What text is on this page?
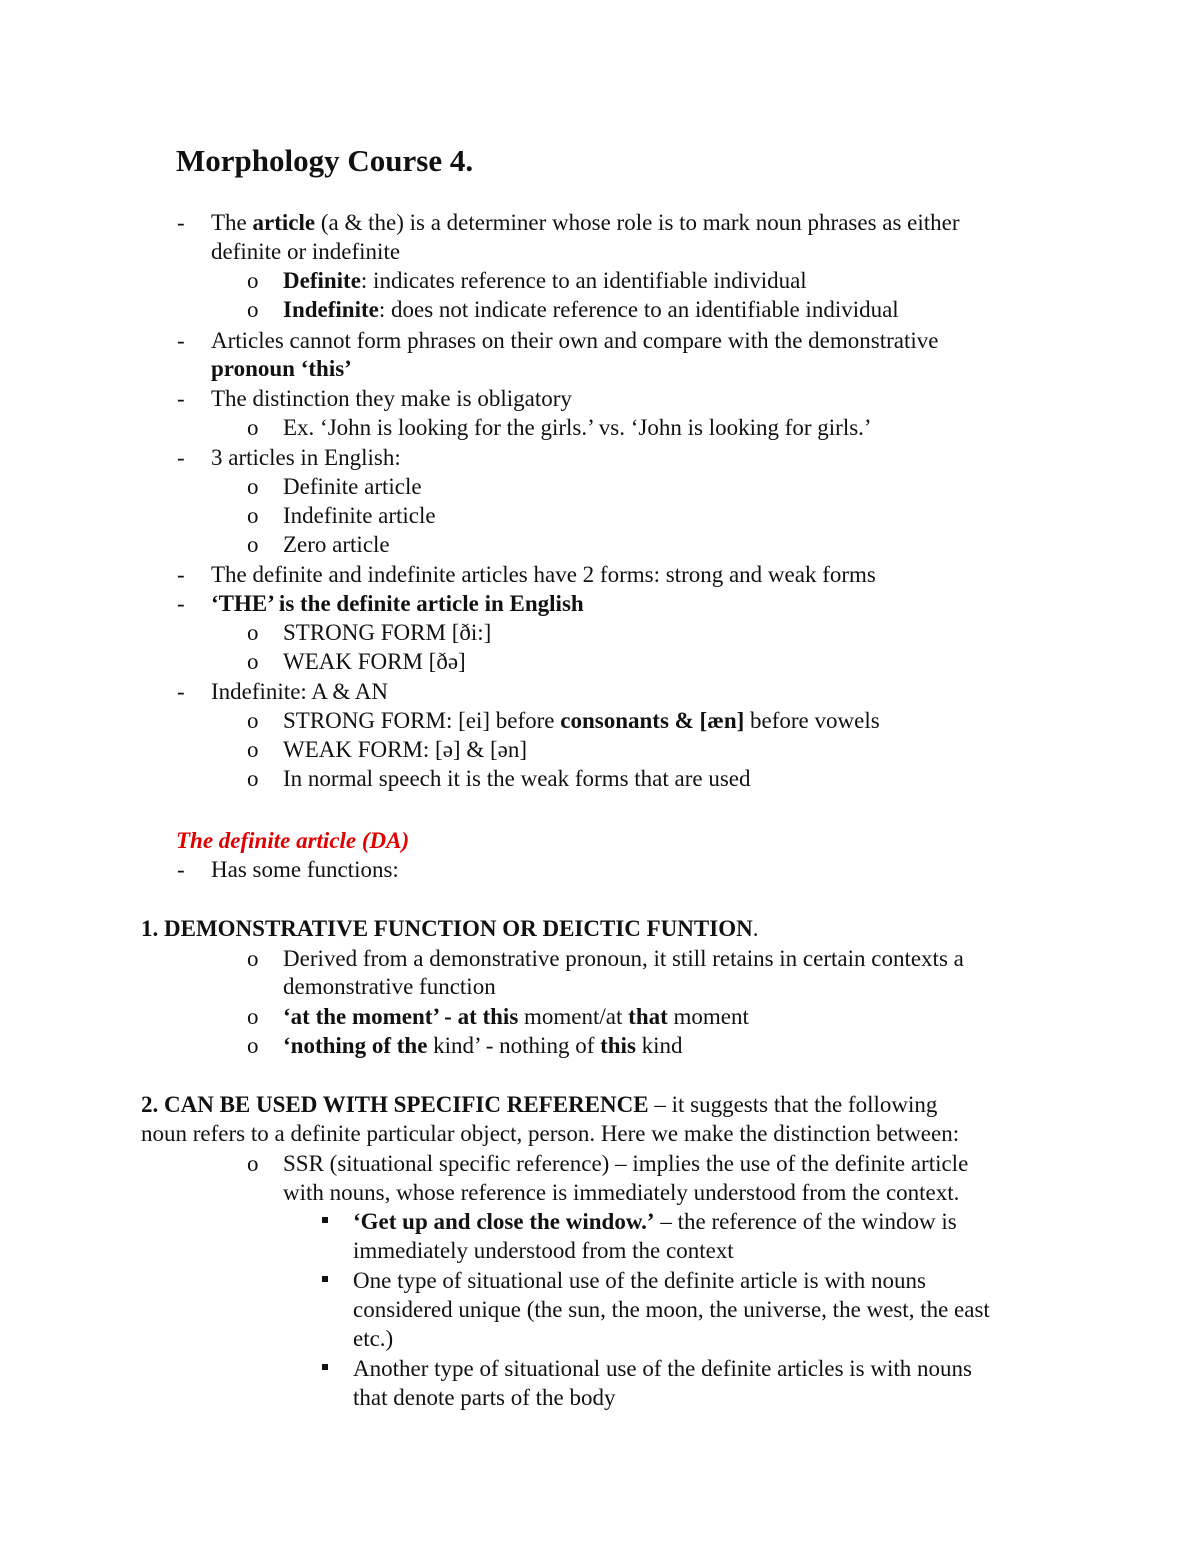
Morphology Course 4.
- The article (a & the) is a determiner whose role is to mark noun phrases as either
definite or indefinite
o Definite: indicates reference to an identifiable individual
o Indefinite: does not indicate reference to an identifiable individual
- Articles cannot form phrases on their own and compare with the demonstrative
pronoun ‘this’
- The distinction they make is obligatory
o Ex. ‘John is looking for the girls.’ vs. ‘John is looking for girls.’
- 3 articles in English:
o Definite article
o Indefinite article
o Zero article
- The definite and indefinite articles have 2 forms: strong and weak forms
- ‘THE’ is the definite article in English
o STRONG FORM [ði:]
o WEAK FORM [ðə]
- Indefinite: A & AN
o STRONG FORM: [ei] before consonants & [æn] before vowels
o WEAK FORM: [ə] & [ən]
o In normal speech it is the weak forms that are used
The definite article (DA)
- Has some functions:
1. DEMONSTRATIVE FUNCTION OR DEICTIC FUNTION.
o Derived from a demonstrative pronoun, it still retains in certain contexts a
demonstrative function
o ‘at the moment’ - at this moment/at that moment
o ‘nothing of the kind’ - nothing of this kind
2. CAN BE USED WITH SPECIFIC REFERENCE – it suggests that the following
noun refers to a definite particular object, person. Here we make the distinction between:
o SSR (situational specific reference) – implies the use of the definite article
with nouns, whose reference is immediately understood from the context.
‘Get up and close the window.’ – the reference of the window is
immediately understood from the context
One type of situational use of the definite article is with nouns
considered unique (the sun, the moon, the universe, the west, the east
etc.)
Another type of situational use of the definite articles is with nouns
that denote parts of the body
